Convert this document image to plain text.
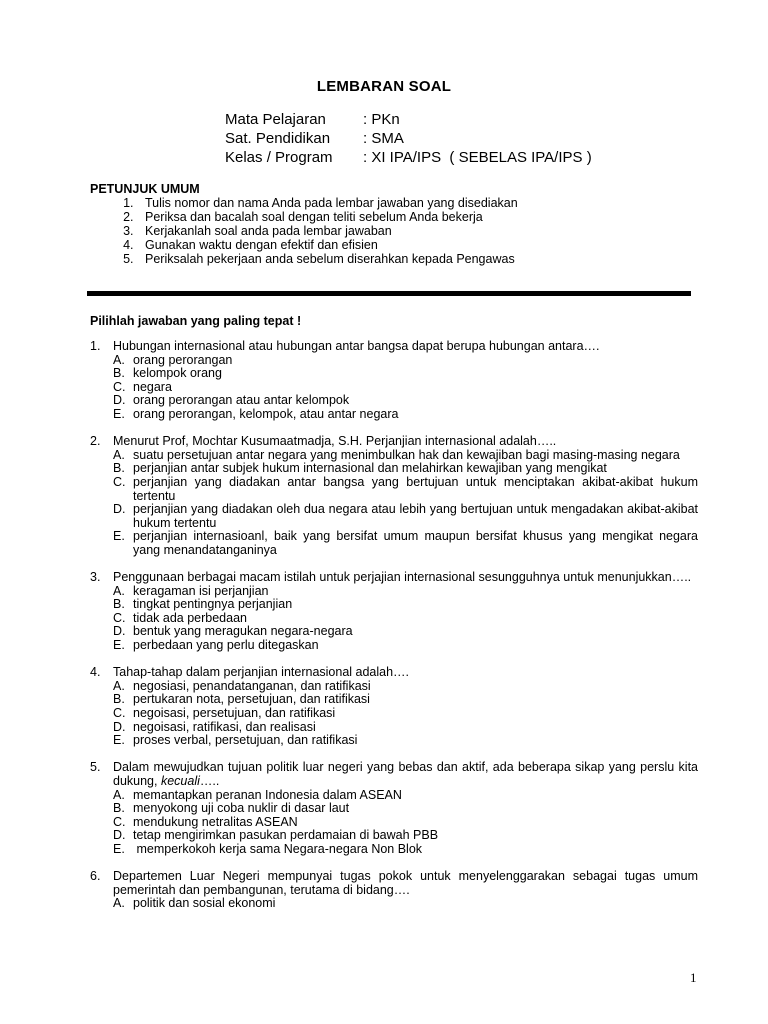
LEMBARAN SOAL
Mata Pelajaran	: PKn
Sat. Pendidikan	: SMA
Kelas / Program	: XI IPA/IPS  ( SEBELAS IPA/IPS )
PETUNJUK UMUM
1. Tulis nomor dan nama Anda pada lembar jawaban yang disediakan
2. Periksa dan bacalah soal dengan teliti sebelum Anda bekerja
3. Kerjakanlah soal anda pada lembar jawaban
4. Gunakan waktu dengan efektif dan efisien
5. Periksalah pekerjaan anda sebelum diserahkan kepada Pengawas
Pilihlah jawaban yang paling tepat !
1.	Hubungan internasional atau hubungan antar bangsa dapat berupa hubungan antara….
A. orang perorangan
B. kelompok orang
C. negara
D. orang perorangan atau antar kelompok
E. orang perorangan, kelompok, atau antar negara
2.	Menurut Prof, Mochtar Kusumaatmadja, S.H. Perjanjian internasional adalah…..
A. suatu persetujuan antar negara yang menimbulkan hak dan kewajiban bagi masing-masing negara
B. perjanjian antar subjek hukum internasional dan melahirkan kewajiban yang mengikat
C. perjanjian yang diadakan antar bangsa yang bertujuan untuk menciptakan akibat-akibat hukum tertentu
D. perjanjian yang diadakan oleh dua negara atau lebih yang bertujuan untuk mengadakan akibat-akibat hukum tertentu
E. perjanjian internasioanl, baik yang bersifat umum maupun bersifat khusus yang mengikat negara yang menandatanganinya
3.	Penggunaan berbagai macam istilah untuk perjajian internasional sesungguhnya untuk menunjukkan…..
A. keragaman isi perjanjian
B. tingkat pentingnya perjanjian
C. tidak ada perbedaan
D. bentuk yang meragukan negara-negara
E. perbedaan yang perlu ditegaskan
4.	Tahap-tahap dalam perjanjian internasional adalah….
A. negosiasi, penandatanganan, dan ratifikasi
B. pertukaran nota, persetujuan, dan ratifikasi
C. negoisasi, persetujuan, dan ratifikasi
D. negoisasi, ratifikasi, dan realisasi
E. proses verbal, persetujuan, dan ratifikasi
5.	Dalam mewujudkan tujuan politik luar negeri yang bebas dan aktif, ada beberapa sikap yang perslu kita dukung, kecuali…..
A. memantapkan peranan Indonesia dalam ASEAN
B. menyokong uji coba nuklir di dasar laut
C. mendukung netralitas ASEAN
D. tetap mengirimkan pasukan perdamaian di bawah PBB
E. memperkokoh kerja sama Negara-negara Non Blok
6.	Departemen Luar Negeri mempunyai tugas pokok untuk menyelenggarakan sebagai tugas umum pemerintah dan pembangunan, terutama di bidang….
A. politik dan sosial ekonomi
1
